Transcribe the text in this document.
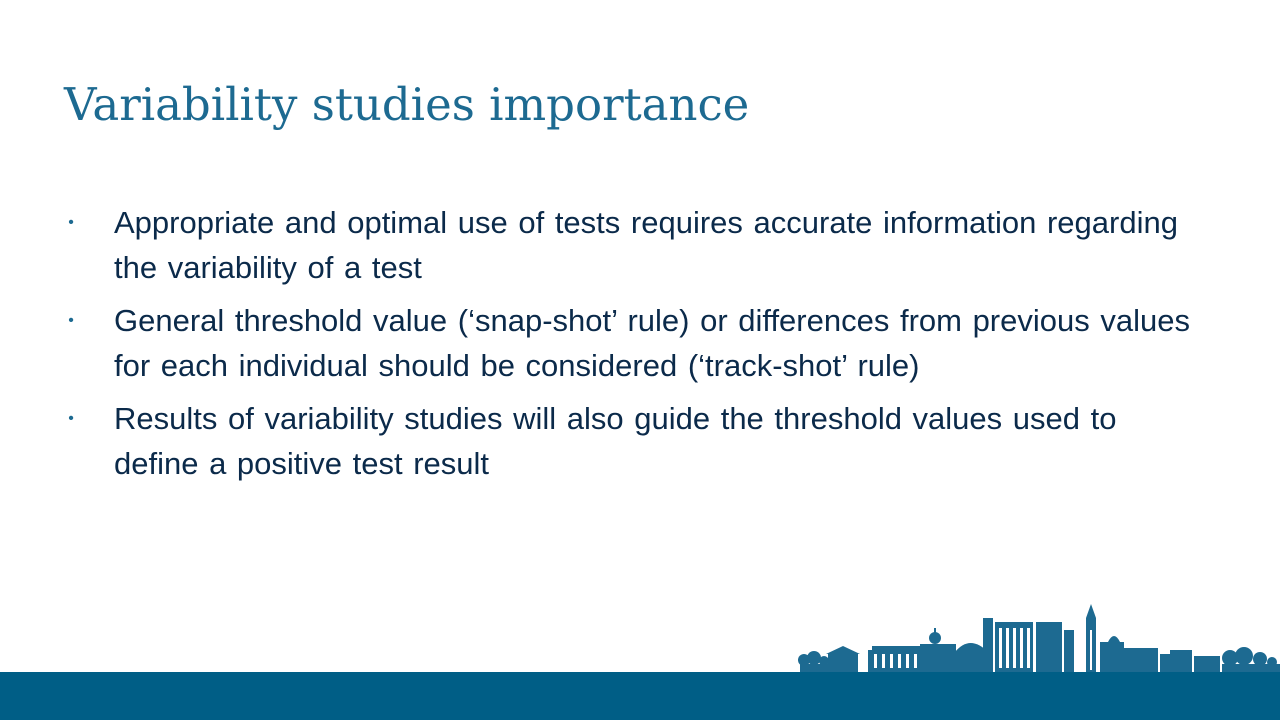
Variability studies importance
• Appropriate and optimal use of tests requires accurate information regarding the variability of a test
• General threshold value (‘snap-shot’ rule) or differences from previous values for each individual should be considered (‘track-shot’ rule)
• Results of variability studies will also guide the threshold values used to define a positive test result
